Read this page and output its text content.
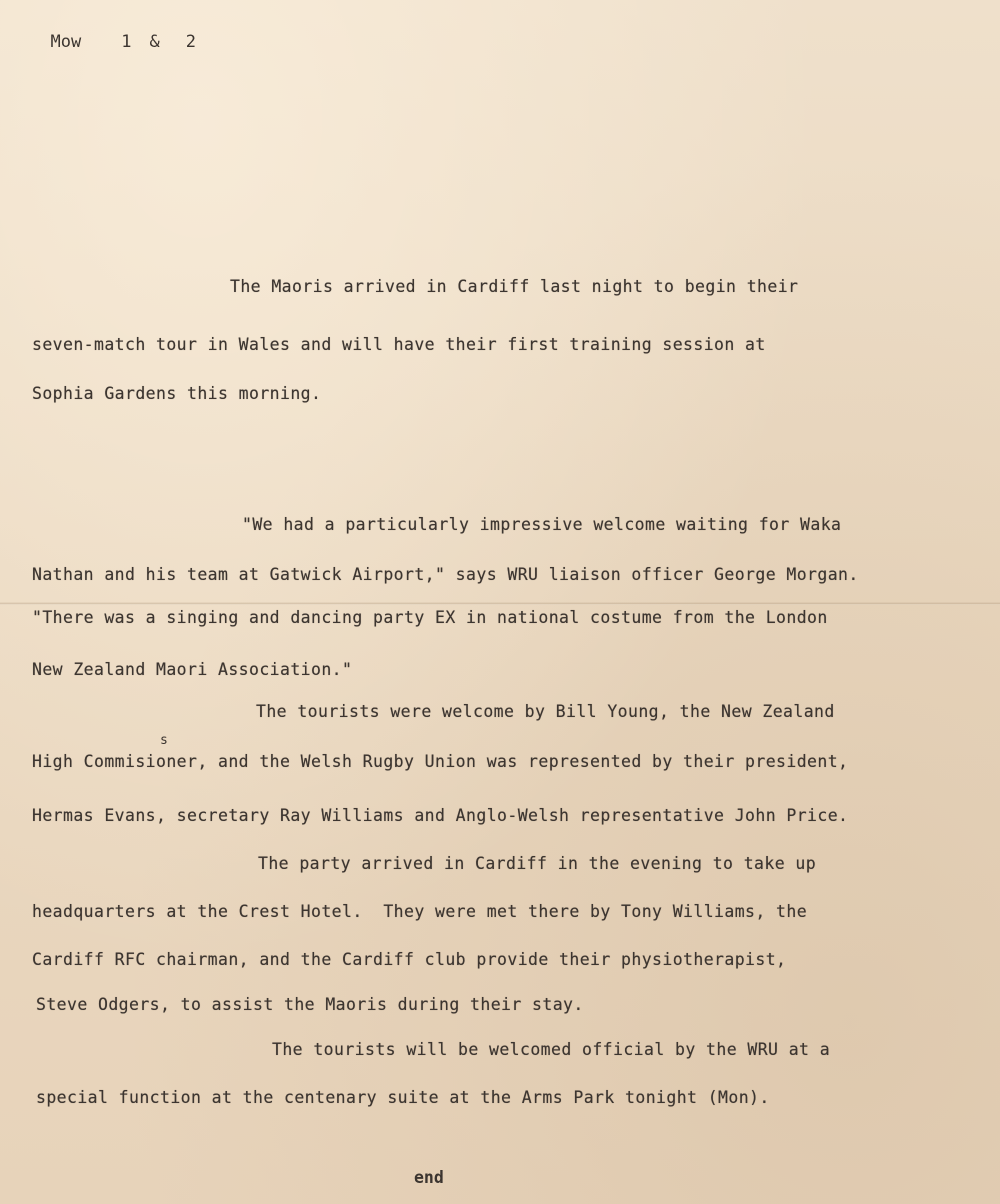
Mow 1 & 2

The Maoris arrived in Cardiff last night to begin their
seven-match tour in Wales and will have their first training session at
Sophia Gardens this morning.
"We had a particularly impressive welcome waiting for Waka
Nathan and his team at Gatwick Airport," says WRU liaison officer George Morgan.
"There was a singing and dancing party EX in national costume from the London
New Zealand Maori Association."
The tourists were welcome by Bill Young, the New Zealand
s
High Commisioner, and the Welsh Rugby Union was represented by their president,
Hermas Evans, secretary Ray Williams and Anglo-Welsh representative John Price.
The party arrived in Cardiff in the evening to take up
headquarters at the Crest Hotel.  They were met there by Tony Williams, the
Cardiff RFC chairman, and the Cardiff club provide their physiotherapist,
Steve Odgers, to assist the Maoris during their stay.
The tourists will be welcomed official by the WRU at a
special function at the centenary suite at the Arms Park tonight (Mon).
end
